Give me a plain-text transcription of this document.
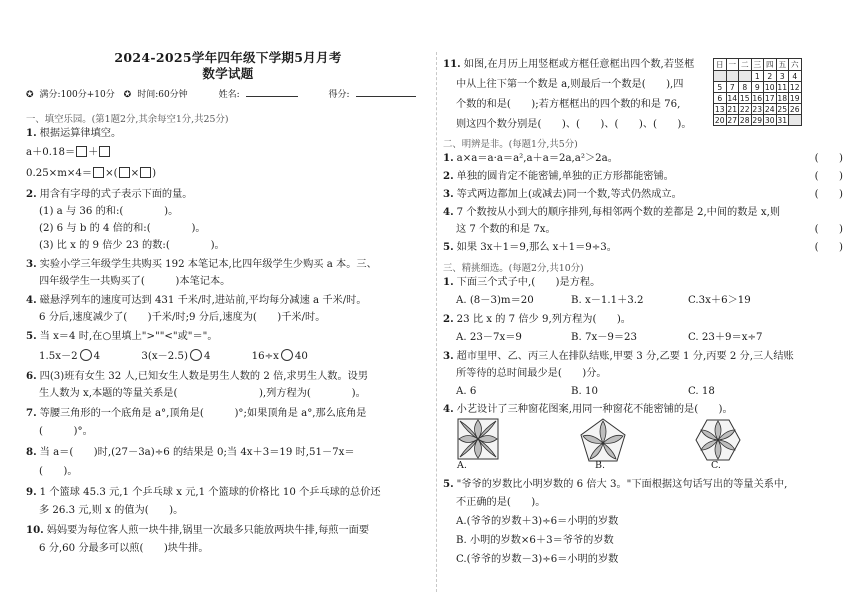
2024-2025学年四年级下学期5月月考
数学试题
✪ 满分:100分+10分 ✪ 时间:60分钟	姓名:	得分:
一、填空乐园。(第1题2分,其余每空1分,共25分)
1. 根据运算律填空。
a＋0.18＝ ＋
0.25×m×4＝ ×( × )
2. 用含有字母的式子表示下面的量。
(1) a 与 36 的和:(　　　　)。
(2) 6 与 b 的 4 倍的和:(　　　　)。
(3) 比 x 的 9 倍少 23 的数:(　　　　)。
3. 实验小学三年级学生共购买 192 本笔记本,比四年级学生少购买 a 本。三、
四年级学生一共购买了(　　　)本笔记本。
4. 磁悬浮列车的速度可达到 431 千米/时,进站前,平均每分减速 a 千米/时。
6 分后,速度减少了(　　)千米/时;9 分后,速度为(　　)千米/时。
5. 当 x＝4 时,在○里填上">""<"或"＝"。
1.5x－2 4	3(x－2.5) 4	16÷x 40
6. 四(3)班有女生 32 人,已知女生人数是男生人数的 2 倍,求男生人数。设男
生人数为 x,本题的等量关系是(　　　　　　　　),列方程为(　　　　)。
7. 等腰三角形的一个底角是 a°,顶角是(　　　)°;如果顶角是 a°,那么底角是
(　　　)°。
8. 当 a＝(　　)时,(27－3a)÷6 的结果是 0;当 4x＋3＝19 时,51－7x＝
(　　)。
9. 1 个篮球 45.3 元,1 个乒乓球 x 元,1 个篮球的价格比 10 个乒乓球的总价还
多 26.3 元,则 x 的值为(　　)。
10. 妈妈要为每位客人煎一块牛排,锅里一次最多只能放两块牛排,每煎一面要
6 分,60 分最多可以煎(　　)块牛排。
11. 如图,在月历上用竖框或方框任意框出四个数,若竖框
中从上往下第一个数是 a,则最后一个数是(　　),四
个数的和是(　　);若方框框出的四个数的和是 76,
则这四个数分别是(　　)、(　　)、(　　)、(　　)。
日	一	二	三	四	五	六
			1	2	3	4
5	7	8	9	10	11	12
6	14	15	16	17	18	19
13	21	22	23	24	25	26
20	27	28	29	30	31	
二、明辨是非。(每题1分,共5分)
1. a×a＝a·a＝a²,a＋a＝2a,a²＞2a。	(　　)
2. 单独的圆肯定不能密铺,单独的正方形都能密铺。	(　　)
3. 等式两边都加上(或减去)同一个数,等式仍然成立。	(　　)
4. 7 个数按从小到大的顺序排列,每相邻两个数的差都是 2,中间的数是 x,则
这 7 个数的和是 7x。	(　　)
5. 如果 3x＋1＝9,那么 x＋1＝9÷3。	(　　)
三、精挑细选。(每题2分,共10分)
1. 下面三个式子中,(　　)是方程。
A. (8－3)m＝20	B. x－1.1＋3.2	C.3x＋6＞19
2. 23 比 x 的 7 倍少 9,列方程为(　　)。
A. 23－7x＝9	B. 7x－9＝23	C. 23＋9＝x÷7
3. 超市里甲、乙、丙三人在排队结账,甲要 3 分,乙要 1 分,丙要 2 分,三人结账
所等待的总时间最少是(　　)分。
A. 6	B. 10	C. 18
4. 小艺设计了三种窗花图案,用同一种窗花不能密铺的是(　　)。
A.	B.	C.
5. "爷爷的岁数比小明岁数的 6 倍大 3。"下面根据这句话写出的等量关系中,
不正确的是(　　)。
A.(爷爷的岁数＋3)÷6＝小明的岁数
B. 小明的岁数×6＋3＝爷爷的岁数
C.(爷爷的岁数－3)÷6＝小明的岁数
